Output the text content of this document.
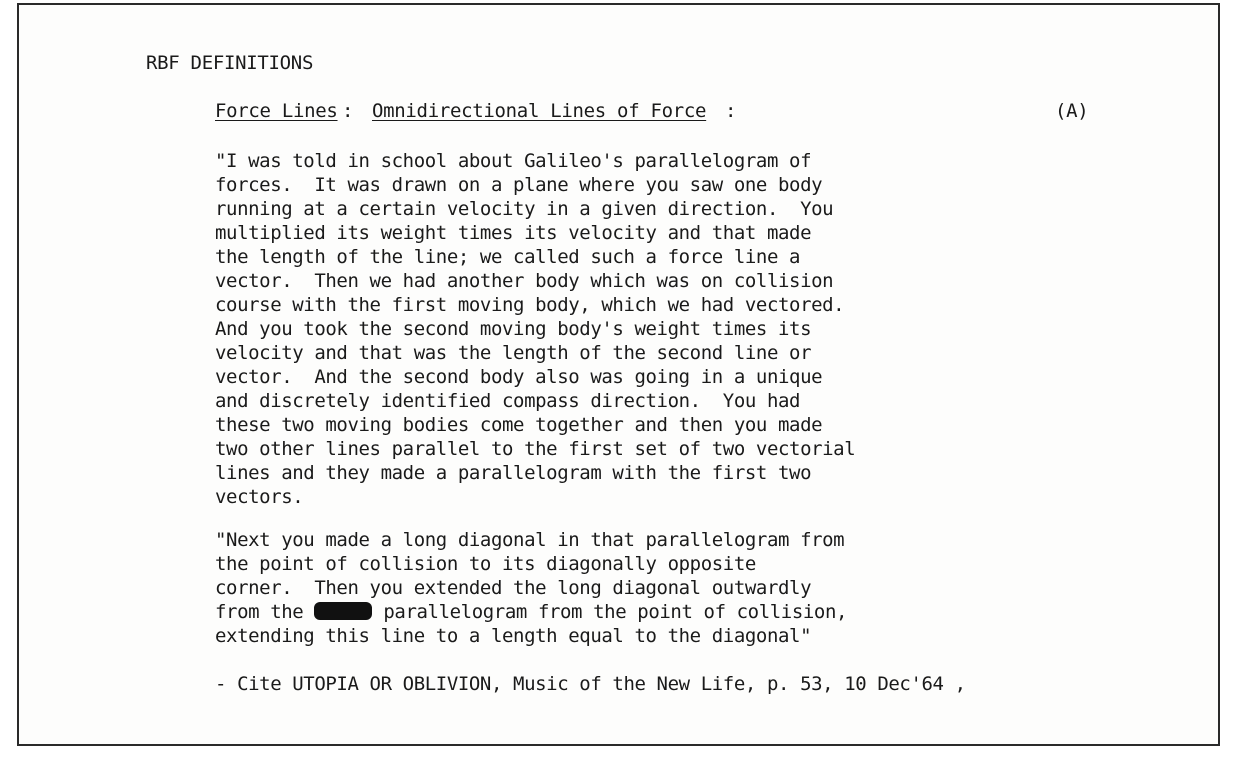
RBF DEFINITIONS
Force Lines : Omnidirectional Lines of Force :	(A)
"I was told in school about Galileo's parallelogram of
forces.  It was drawn on a plane where you saw one body
running at a certain velocity in a given direction.  You
multiplied its weight times its velocity and that made
the length of the line; we called such a force line a
vector.  Then we had another body which was on collision
course with the first moving body, which we had vectored.
And you took the second moving body's weight times its
velocity and that was the length of the second line or
vector.  And the second body also was going in a unique
and discretely identified compass direction.  You had
these two moving bodies come together and then you made
two other lines parallel to the first set of two vectorial
lines and they made a parallelogram with the first two
vectors.
"Next you made a long diagonal in that parallelogram from
the point of collision to its diagonally opposite
corner.  Then you extended the long diagonal outwardly
from the	parallelogram from the point of collision,
extending this line to a length equal to the diagonal"
- Cite UTOPIA OR OBLIVION, Music of the New Life, p. 53, 10 Dec'64 ,
